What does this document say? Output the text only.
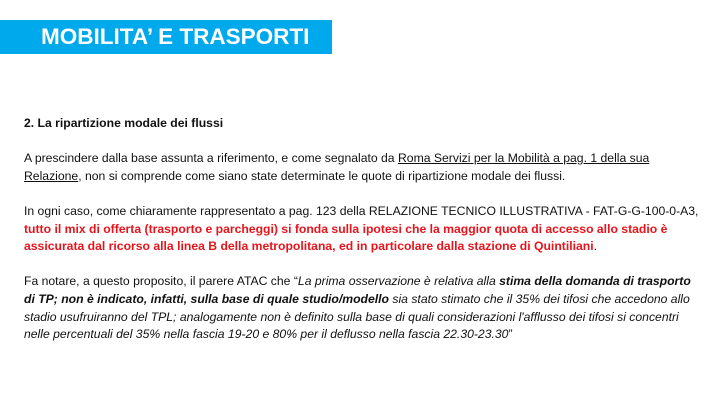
MOBILITA’ E TRASPORTI

2. La ripartizione modale dei flussi

A prescindere dalla base assunta a riferimento, e come segnalato da Roma Servizi per la Mobilità a pag. 1 della sua Relazione, non si comprende come siano state determinate le quote di ripartizione modale dei flussi.

In ogni caso, come chiaramente rappresentato a pag. 123 della RELAZIONE TECNICO ILLUSTRATIVA - FAT-G-G-100-0-A3, tutto il mix di offerta (trasporto e parcheggi) si fonda sulla ipotesi che la maggior quota di accesso allo stadio è assicurata dal ricorso alla linea B della metropolitana, ed in particolare dalla stazione di Quintiliani.

Fa notare, a questo proposito, il parere ATAC che “La prima osservazione è relativa alla stima della domanda di trasporto di TP; non è indicato, infatti, sulla base di quale studio/modello sia stato stimato che il 35% dei tifosi che accedono allo stadio usufruiranno del TPL; analogamente non è definito sulla base di quali considerazioni l'afflusso dei tifosi si concentri nelle percentuali del 35% nella fascia 19-20 e 80% per il deflusso nella fascia 22.30-23.30”
